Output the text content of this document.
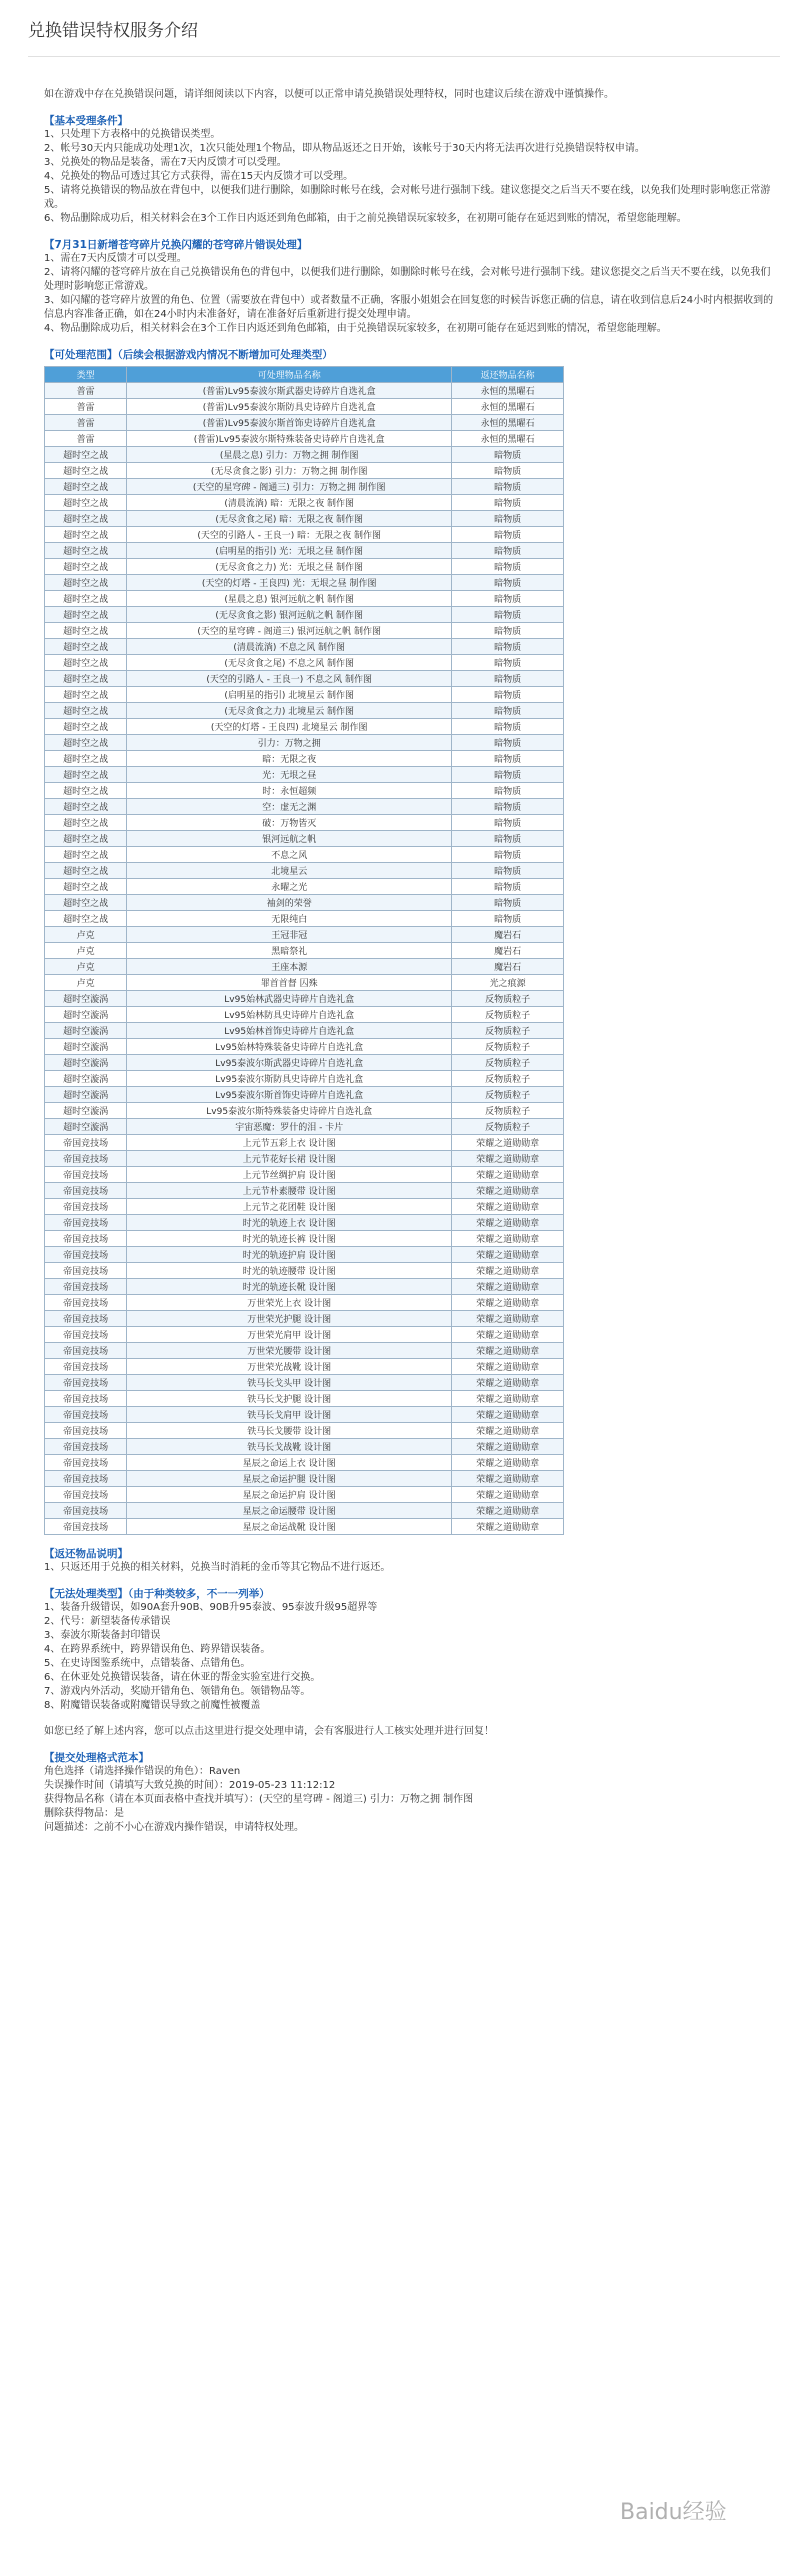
兑换错误特权服务介绍

如在游戏中存在兑换错误问题，请详细阅读以下内容，以便可以正常申请兑换错误处理特权，同时也建议后续在游戏中谨慎操作。

【基本受理条件】

1、只处理下方表格中的兑换错误类型。

2、帐号30天内只能成功处理1次，1次只能处理1个物品，即从物品返还之日开始，该帐号于30天内将无法再次进行兑换错误特权申请。

3、兑换处的物品是装备，需在7天内反馈才可以受理。

4、兑换处的物品可透过其它方式获得，需在15天内反馈才可以受理。

5、请将兑换错误的物品放在背包中，以便我们进行删除，如删除时帐号在线，会对帐号进行强制下线。建议您提交之后当天不要在线，以免我们处理时影响您正常游戏。

6、物品删除成功后，相关材料会在3个工作日内返还到角色邮箱，由于之前兑换错误玩家较多，在初期可能存在延迟到账的情况，希望您能理解。

【7月31日新增苍穹碎片兑换闪耀的苍穹碎片错误处理】

1、需在7天内反馈才可以受理。

2、请将闪耀的苍穹碎片放在自己兑换错误角色的背包中，以便我们进行删除，如删除时帐号在线，会对帐号进行强制下线。建议您提交之后当天不要在线，以免我们处理时影响您正常游戏。

3、如闪耀的苍穹碎片放置的角色、位置（需要放在背包中）或者数量不正确，客服小姐姐会在回复您的时候告诉您正确的信息，请在收到信息后24小时内根据收到的信息内容准备正确，如在24小时内未准备好，请在准备好后重新进行提交处理申请。

4、物品删除成功后，相关材料会在3个工作日内返还到角色邮箱，由于兑换错误玩家较多，在初期可能存在延迟到账的情况，希望您能理解。

【可处理范围】（后续会根据游戏内情况不断增加可处理类型）

类型	可处理物品名称	返还物品名称
普雷	(普雷)Lv95泰波尔斯武器史诗碎片自选礼盒	永恒的黑曜石
普雷	(普雷)Lv95泰波尔斯防具史诗碎片自选礼盒	永恒的黑曜石
普雷	(普雷)Lv95泰波尔斯首饰史诗碎片自选礼盒	永恒的黑曜石
普雷	(普雷)Lv95泰波尔斯特殊装备史诗碎片自选礼盒	永恒的黑曜石
超时空之战	(星晨之息) 引力：万物之拥 制作图	暗物质
超时空之战	(无尽贪食之影) 引力：万物之拥 制作图	暗物质
超时空之战	(天空的星穹碑 - 阁通三) 引力：万物之拥 制作图	暗物质
超时空之战	(清晨流淌) 暗：无限之夜 制作图	暗物质
超时空之战	(无尽贪食之尾) 暗：无限之夜 制作图	暗物质
超时空之战	(天空的引路人 - 王良一) 暗：无限之夜 制作图	暗物质
超时空之战	(启明星的指引) 光：无垠之昼 制作图	暗物质
超时空之战	(无尽贪食之力) 光：无垠之昼 制作图	暗物质
超时空之战	(天空的灯塔 - 王良四) 光：无垠之昼 制作图	暗物质
超时空之战	(星晨之息) 银河远航之帆 制作图	暗物质
超时空之战	(无尽贪食之影) 银河远航之帆 制作图	暗物质
超时空之战	(天空的星穹碑 - 阁道三) 银河远航之帆 制作图	暗物质
超时空之战	(清晨流淌) 不息之风 制作图	暗物质
超时空之战	(无尽贪食之尾) 不息之风 制作图	暗物质
超时空之战	(天空的引路人 - 王良一) 不息之风 制作图	暗物质
超时空之战	(启明星的指引) 北境星云 制作图	暗物质
超时空之战	(无尽贪食之力) 北境星云 制作图	暗物质
超时空之战	(天空的灯塔 - 王良四) 北境星云 制作图	暗物质
超时空之战	引力：万物之拥	暗物质
超时空之战	暗：无限之夜	暗物质
超时空之战	光：无垠之昼	暗物质
超时空之战	时：永恒超频	暗物质
超时空之战	空：虚无之渊	暗物质
超时空之战	破：万物皆灭	暗物质
超时空之战	银河远航之帆	暗物质
超时空之战	不息之风	暗物质
超时空之战	北境星云	暗物质
超时空之战	永曜之光	暗物质
超时空之战	袖剑的荣誉	暗物质
超时空之战	无限纯白	暗物质
卢克	王冠非冠	魔岩石
卢克	黑暗祭礼	魔岩石
卢克	王座本源	魔岩石
卢克	罪首首督 囚殊	光之痕源
超时空漩涡	Lv95始林武器史诗碎片自选礼盒	反物质粒子
超时空漩涡	Lv95始林防具史诗碎片自选礼盒	反物质粒子
超时空漩涡	Lv95始林首饰史诗碎片自选礼盒	反物质粒子
超时空漩涡	Lv95始林特殊装备史诗碎片自选礼盒	反物质粒子
超时空漩涡	Lv95泰波尔斯武器史诗碎片自选礼盒	反物质粒子
超时空漩涡	Lv95泰波尔斯防具史诗碎片自选礼盒	反物质粒子
超时空漩涡	Lv95泰波尔斯首饰史诗碎片自选礼盒	反物质粒子
超时空漩涡	Lv95泰波尔斯特殊装备史诗碎片自选礼盒	反物质粒子
超时空漩涡	宇宙恶魔：罗什的泪 - 卡片	反物质粒子
帝国竞技场	上元节五彩上衣 设计图	荣耀之道勋勋章
帝国竞技场	上元节花好长裙 设计图	荣耀之道勋勋章
帝国竞技场	上元节丝绸护肩 设计图	荣耀之道勋勋章
帝国竞技场	上元节朴素腰带 设计图	荣耀之道勋勋章
帝国竞技场	上元节之花团鞋 设计图	荣耀之道勋勋章
帝国竞技场	时光的轨迹上衣 设计图	荣耀之道勋勋章
帝国竞技场	时光的轨迹长裤 设计图	荣耀之道勋勋章
帝国竞技场	时光的轨迹护肩 设计图	荣耀之道勋勋章
帝国竞技场	时光的轨迹腰带 设计图	荣耀之道勋勋章
帝国竞技场	时光的轨迹长靴 设计图	荣耀之道勋勋章
帝国竞技场	万世荣光上衣 设计图	荣耀之道勋勋章
帝国竞技场	万世荣光护腿 设计图	荣耀之道勋勋章
帝国竞技场	万世荣光肩甲 设计图	荣耀之道勋勋章
帝国竞技场	万世荣光腰带 设计图	荣耀之道勋勋章
帝国竞技场	万世荣光战靴 设计图	荣耀之道勋勋章
帝国竞技场	铁马长戈头甲 设计图	荣耀之道勋勋章
帝国竞技场	铁马长戈护腿 设计图	荣耀之道勋勋章
帝国竞技场	铁马长戈肩甲 设计图	荣耀之道勋勋章
帝国竞技场	铁马长戈腰带 设计图	荣耀之道勋勋章
帝国竞技场	铁马长戈战靴 设计图	荣耀之道勋勋章
帝国竞技场	星辰之命运上衣 设计图	荣耀之道勋勋章
帝国竞技场	星辰之命运护腿 设计图	荣耀之道勋勋章
帝国竞技场	星辰之命运护肩 设计图	荣耀之道勋勋章
帝国竞技场	星辰之命运腰带 设计图	荣耀之道勋勋章
帝国竞技场	星辰之命运战靴 设计图	荣耀之道勋勋章

【返还物品说明】

1、只返还用于兑换的相关材料，兑换当时消耗的金币等其它物品不进行返还。

【无法处理类型】（由于种类较多，不一一列举）

1、装备升级错误，如90A套升90B、90B升95泰波、95泰波升级95超界等

2、代号：新望装备传承错误

3、泰波尔斯装备封印错误

4、在跨界系统中，跨界错误角色、跨界错误装备。

5、在史诗图鉴系统中，点错装备、点错角色。

6、在休亚处兑换错误装备，请在休亚的帮金实验室进行交换。

7、游戏内外活动，奖励开错角色、领错角色。领错物品等。

8、附魔错误装备或附魔错误导致之前魔性被覆盖

如您已经了解上述内容，您可以点击这里进行提交处理申请，会有客服进行人工核实处理并进行回复！

【提交处理格式范本】

角色选择（请选择操作错误的角色）：Raven

失误操作时间（请填写大致兑换的时间）：2019-05-23 11:12:12

获得物品名称（请在本页面表格中查找并填写）：(天空的星穹碑 - 阁道三) 引力：万物之拥 制作图

删除获得物品：是

问题描述：之前不小心在游戏内操作错误，申请特权处理。

Baidu经验
